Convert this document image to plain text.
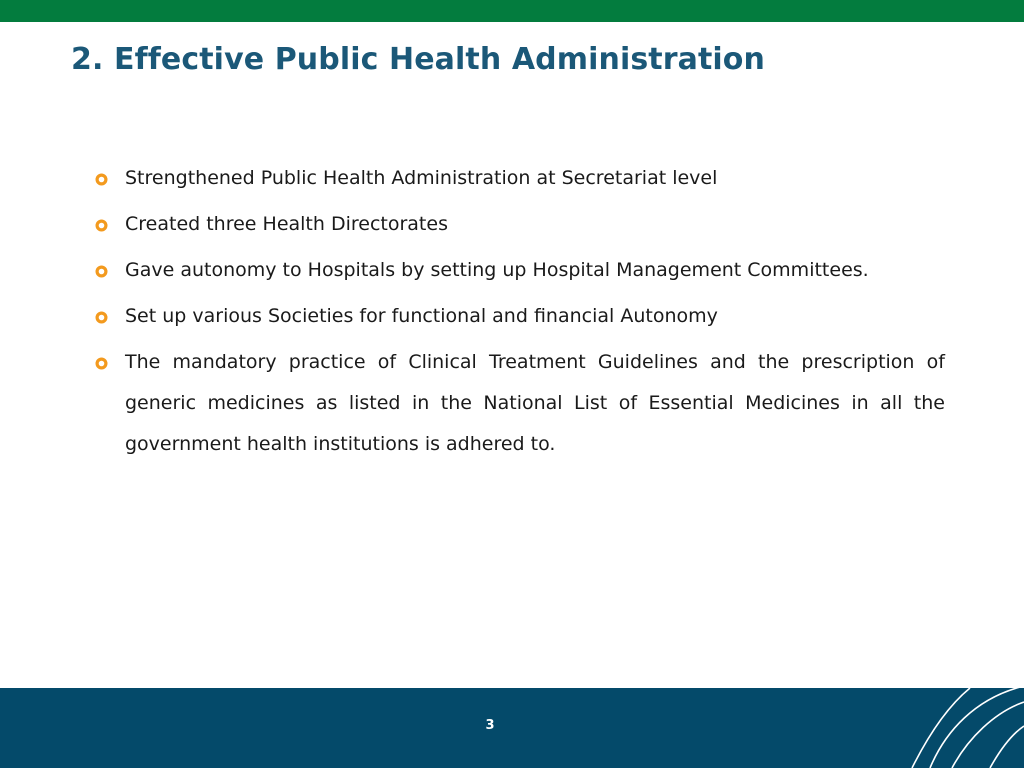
2. Effective Public Health Administration
Strengthened Public Health Administration at Secretariat level
Created three Health Directorates
Gave autonomy to Hospitals by setting up Hospital Management Committees.
Set up various Societies for functional and financial Autonomy
The mandatory practice of Clinical Treatment Guidelines and the prescription of generic medicines as listed in the National List of Essential Medicines in all the government health institutions is adhered to.
3
